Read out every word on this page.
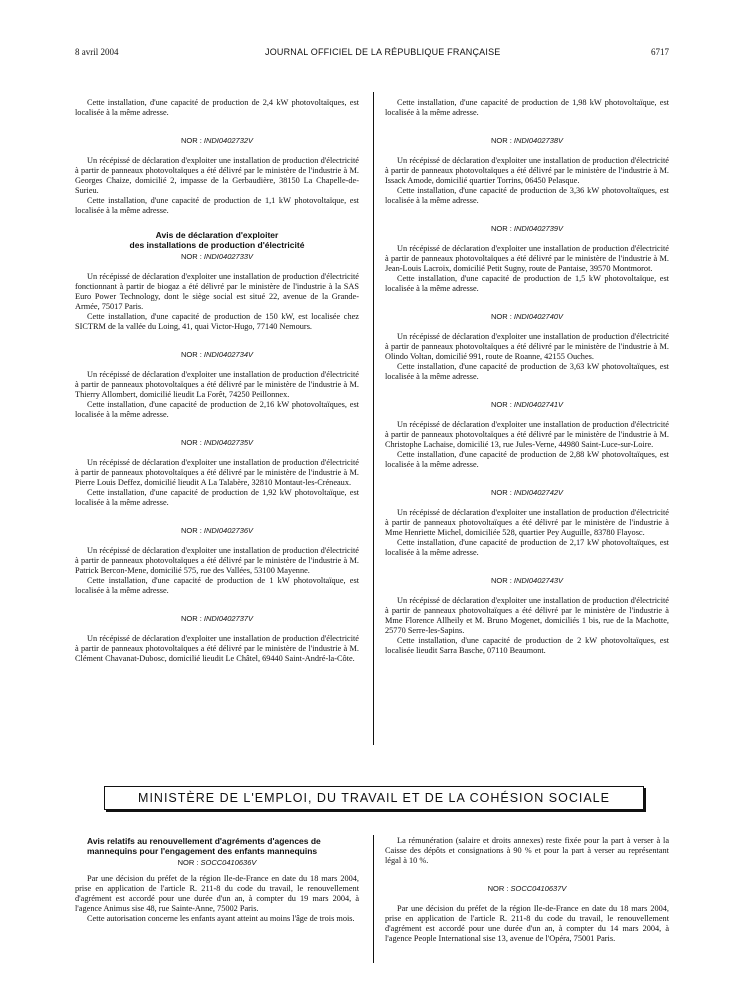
8 avril 2004	JOURNAL OFFICIEL DE LA RÉPUBLIQUE FRANÇAISE	6717

Cette installation, d'une capacité de production de 2,4 kW photovoltaïques, est localisée à la même adresse.

NOR : INDI0402732V

Un récépissé de déclaration d'exploiter une installation de production d'électricité à partir de panneaux photovoltaïques a été délivré par le ministère de l'industrie à M. Georges Chaize, domicilié 2, impasse de la Gerbaudière, 38150 La Chapelle-de-Surieu.

Cette installation, d'une capacité de production de 1,1 kW photovoltaïque, est localisée à la même adresse.

Avis de déclaration d'exploiter
des installations de production d'électricité

NOR : INDI0402733V

Un récépissé de déclaration d'exploiter une installation de production d'électricité fonctionnant à partir de biogaz a été délivré par le ministère de l'industrie à la SAS Euro Power Technology, dont le siège social est situé 22, avenue de la Grande-Armée, 75017 Paris.

Cette installation, d'une capacité de production de 150 kW, est localisée chez SICTRM de la vallée du Loing, 41, quai Victor-Hugo, 77140 Nemours.

NOR : INDI0402734V

Un récépissé de déclaration d'exploiter une installation de production d'électricité à partir de panneaux photovoltaïques a été délivré par le ministère de l'industrie à M. Thierry Allombert, domicilié lieudit La Forêt, 74250 Peillonnex.

Cette installation, d'une capacité de production de 2,16 kW photovoltaïques, est localisée à la même adresse.

NOR : INDI0402735V

Un récépissé de déclaration d'exploiter une installation de production d'électricité à partir de panneaux photovoltaïques a été délivré par le ministère de l'industrie à M. Pierre Louis Deffez, domicilié lieudit A La Talabère, 32810 Montaut-les-Créneaux.

Cette installation, d'une capacité de production de 1,92 kW photovoltaïque, est localisée à la même adresse.

NOR : INDI0402736V

Un récépissé de déclaration d'exploiter une installation de production d'électricité à partir de panneaux photovoltaïques a été délivré par le ministère de l'industrie à M. Patrick Bercon-Mene, domicilié 575, rue des Vallées, 53100 Mayenne.

Cette installation, d'une capacité de production de 1 kW photovoltaïque, est localisée à la même adresse.

NOR : INDI0402737V

Un récépissé de déclaration d'exploiter une installation de production d'électricité à partir de panneaux photovoltaïques a été délivré par le ministère de l'industrie à M. Clément Chavanat-Dubosc, domicilié lieudit Le Châtel, 69440 Saint-André-la-Côte.

Cette installation, d'une capacité de production de 1,98 kW photovoltaïque, est localisée à la même adresse.

NOR : INDI0402738V

Un récépissé de déclaration d'exploiter une installation de production d'électricité à partir de panneaux photovoltaïques a été délivré par le ministère de l'industrie à M. Issack Amode, domicilié quartier Torrins, 06450 Pelasque.

Cette installation, d'une capacité de production de 3,36 kW photovoltaïques, est localisée à la même adresse.

NOR : INDI0402739V

Un récépissé de déclaration d'exploiter une installation de production d'électricité à partir de panneaux photovoltaïques a été délivré par le ministère de l'industrie à M. Jean-Louis Lacroix, domicilié Petit Sugny, route de Pantaise, 39570 Montmorot.

Cette installation, d'une capacité de production de 1,5 kW photovoltaïque, est localisée à la même adresse.

NOR : INDI0402740V

Un récépissé de déclaration d'exploiter une installation de production d'électricité à partir de panneaux photovoltaïques a été délivré par le ministère de l'industrie à M. Olindo Voltan, domicilié 991, route de Roanne, 42155 Ouches.

Cette installation, d'une capacité de production de 3,63 kW photovoltaïques, est localisée à la même adresse.

NOR : INDI0402741V

Un récépissé de déclaration d'exploiter une installation de production d'électricité à partir de panneaux photovoltaïques a été délivré par le ministère de l'industrie à M. Christophe Lachaise, domicilié 13, rue Jules-Verne, 44980 Saint-Luce-sur-Loire.

Cette installation, d'une capacité de production de 2,88 kW photovoltaïques, est localisée à la même adresse.

NOR : INDI0402742V

Un récépissé de déclaration d'exploiter une installation de production d'électricité à partir de panneaux photovoltaïques a été délivré par le ministère de l'industrie à Mme Henriette Michel, domiciliée 528, quartier Pey Auguille, 83780 Flayosc.

Cette installation, d'une capacité de production de 2,17 kW photovoltaïques, est localisée à la même adresse.

NOR : INDI0402743V

Un récépissé de déclaration d'exploiter une installation de production d'électricité à partir de panneaux photovoltaïques a été délivré par le ministère de l'industrie à Mme Florence Allheily et M. Bruno Mogenet, domiciliés 1 bis, rue de la Machotte, 25770 Serre-les-Sapins.

Cette installation, d'une capacité de production de 2 kW photovoltaïques, est localisée lieudit Sarra Basche, 07110 Beaumont.

MINISTÈRE DE L'EMPLOI, DU TRAVAIL ET DE LA COHÉSION SOCIALE

Avis relatifs au renouvellement d'agréments d'agences de mannequins pour l'engagement des enfants mannequins

NOR : SOCC0410636V

Par une décision du préfet de la région Ile-de-France en date du 18 mars 2004, prise en application de l'article R. 211-8 du code du travail, le renouvellement d'agrément est accordé pour une durée d'un an, à compter du 19 mars 2004, à l'agence Animus sise 48, rue Sainte-Anne, 75002 Paris.

Cette autorisation concerne les enfants ayant atteint au moins l'âge de trois mois.

La rémunération (salaire et droits annexes) reste fixée pour la part à verser à la Caisse des dépôts et consignations à 90 % et pour la part à verser au représentant légal à 10 %.

NOR : SOCC0410637V

Par une décision du préfet de la région Ile-de-France en date du 18 mars 2004, prise en application de l'article R. 211-8 du code du travail, le renouvellement d'agrément est accordé pour une durée d'un an, à compter du 14 mars 2004, à l'agence People International sise 13, avenue de l'Opéra, 75001 Paris.
